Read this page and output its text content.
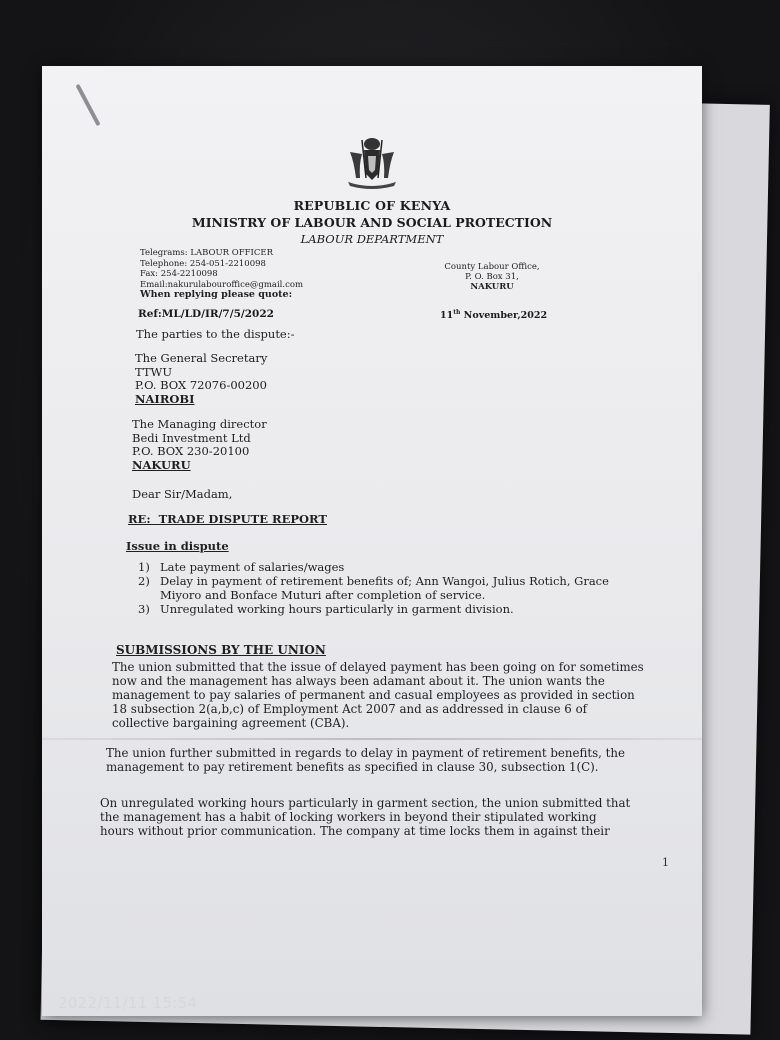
REPUBLIC OF KENYA
MINISTRY OF LABOUR AND SOCIAL PROTECTION
LABOUR DEPARTMENT
Telegrams: LABOUR OFFICER
Telephone: 254-051-2210098
Fax: 254-2210098
Email:nakurulabouroffice@gmail.com
When replying please quote:
County Labour Office,
P. O. Box 31,
NAKURU
Ref:ML/LD/IR/7/5/2022	11th November,2022
The parties to the dispute:-
The General Secretary
TTWU
P.O. BOX 72076-00200
NAIROBI
The Managing director
Bedi Investment Ltd
P.O. BOX 230-20100
NAKURU
Dear Sir/Madam,
RE:  TRADE DISPUTE REPORT
Issue in dispute
1) Late payment of salaries/wages
2) Delay in payment of retirement benefits of; Ann Wangoi, Julius Rotich, Grace
Miyoro and Bonface Muturi after completion of service.
3) Unregulated working hours particularly in garment division.
SUBMISSIONS BY THE UNION
The union submitted that the issue of delayed payment has been going on for sometimes
now and the management has always been adamant about it. The union wants the
management to pay salaries of permanent and casual employees as provided in section
18 subsection 2(a,b,c) of Employment Act 2007 and as addressed in clause 6 of
collective bargaining agreement (CBA).
The union further submitted in regards to delay in payment of retirement benefits, the
management to pay retirement benefits as specified in clause 30, subsection 1(C).
On unregulated working hours particularly in garment section, the union submitted that
the management has a habit of locking workers in beyond their stipulated working
hours without prior communication. The company at time locks them in against their
1
2022/11/11 15:54
